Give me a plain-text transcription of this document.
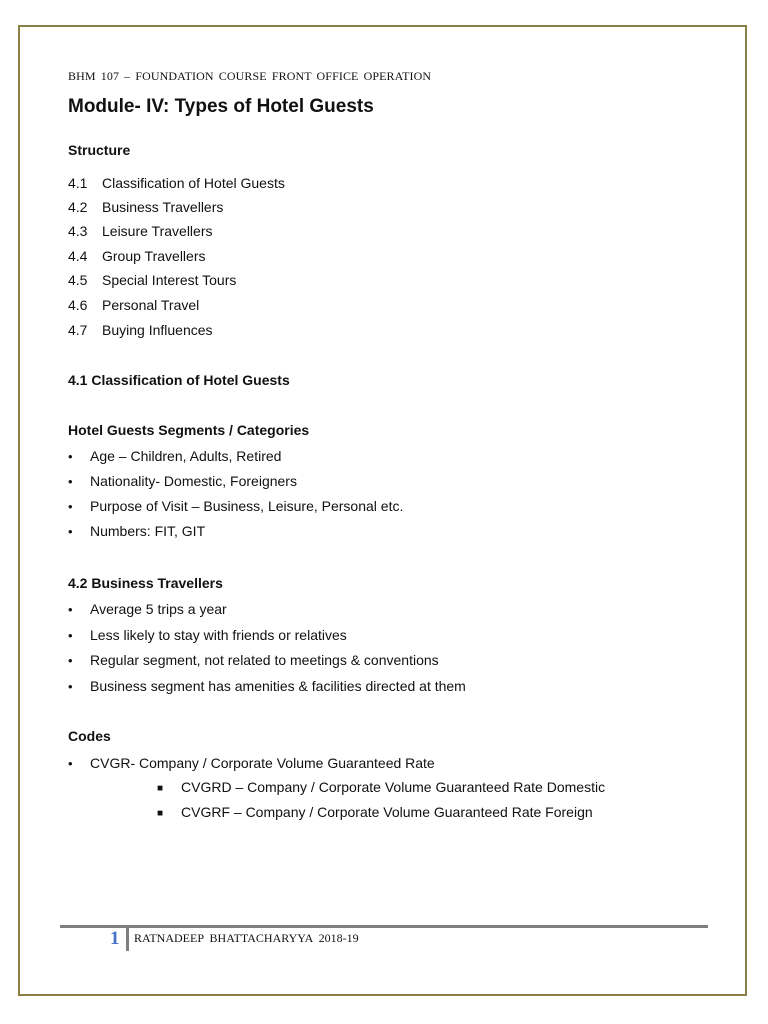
BHM 107 – FOUNDATION COURSE FRONT OFFICE OPERATION
Module- IV: Types of Hotel Guests
Structure
4.1 Classification of Hotel Guests
4.2 Business Travellers
4.3 Leisure Travellers
4.4 Group Travellers
4.5 Special Interest Tours
4.6 Personal Travel
4.7 Buying Influences
4.1 Classification of Hotel Guests
Hotel Guests Segments / Categories
• Age – Children, Adults, Retired
• Nationality- Domestic, Foreigners
• Purpose of Visit – Business, Leisure, Personal etc.
• Numbers: FIT, GIT
4.2 Business Travellers
• Average 5 trips a year
• Less likely to stay with friends or relatives
• Regular segment, not related to meetings & conventions
• Business segment has amenities & facilities directed at them
Codes
• CVGR- Company / Corporate Volume Guaranteed Rate
■ CVGRD – Company / Corporate Volume Guaranteed Rate Domestic
■ CVGRF – Company / Corporate Volume Guaranteed Rate Foreign
1 RATNADEEP BHATTACHARYYA 2018-19
